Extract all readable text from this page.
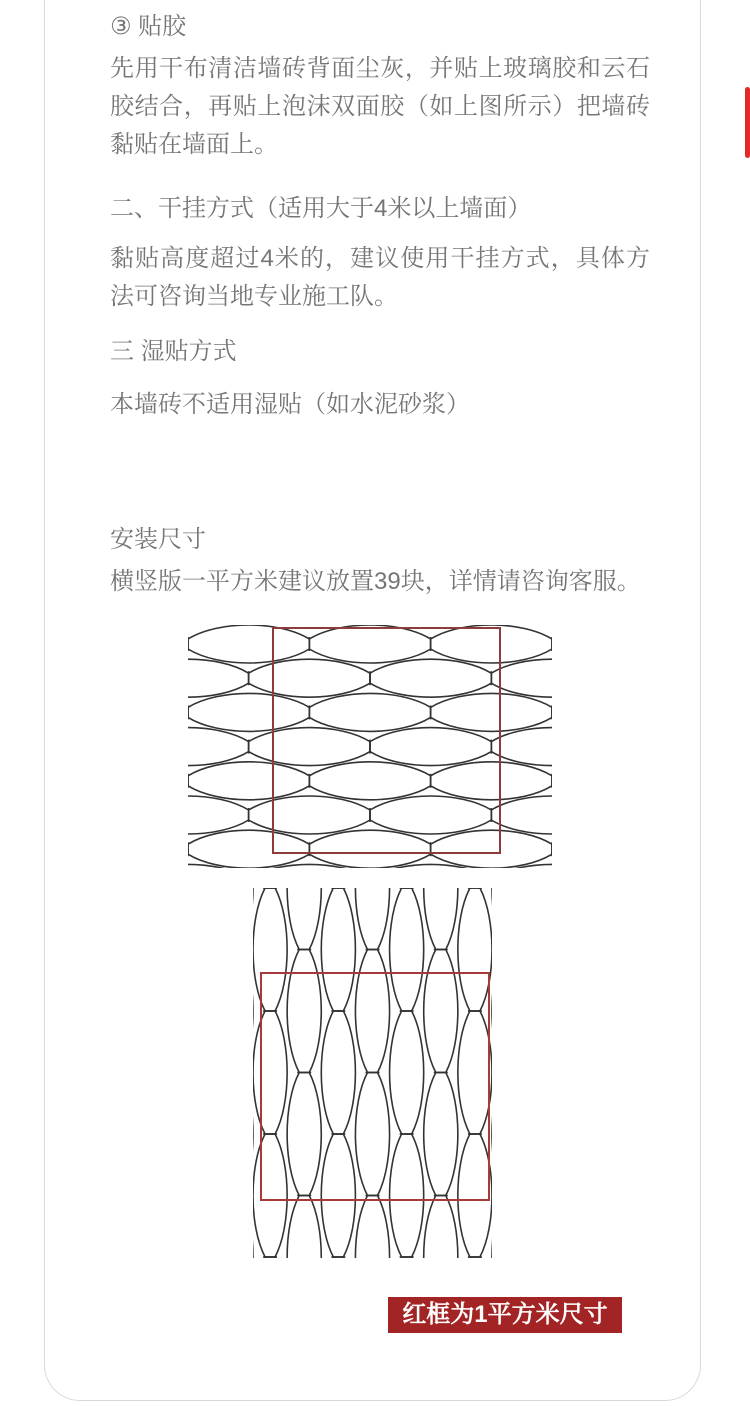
③ 贴胶
先用干布清洁墙砖背面尘灰，并贴上玻璃胶和云石胶结合，再贴上泡沫双面胶（如上图所示）把墙砖黏贴在墙面上。
二、干挂方式（适用大于4米以上墙面）
黏贴高度超过4米的，建议使用干挂方式，具体方法可咨询当地专业施工队。
三 湿贴方式
本墙砖不适用湿贴（如水泥砂浆）
安装尺寸
横竖版一平方米建议放置39块，详情请咨询客服。
红框为1平方米尺寸
